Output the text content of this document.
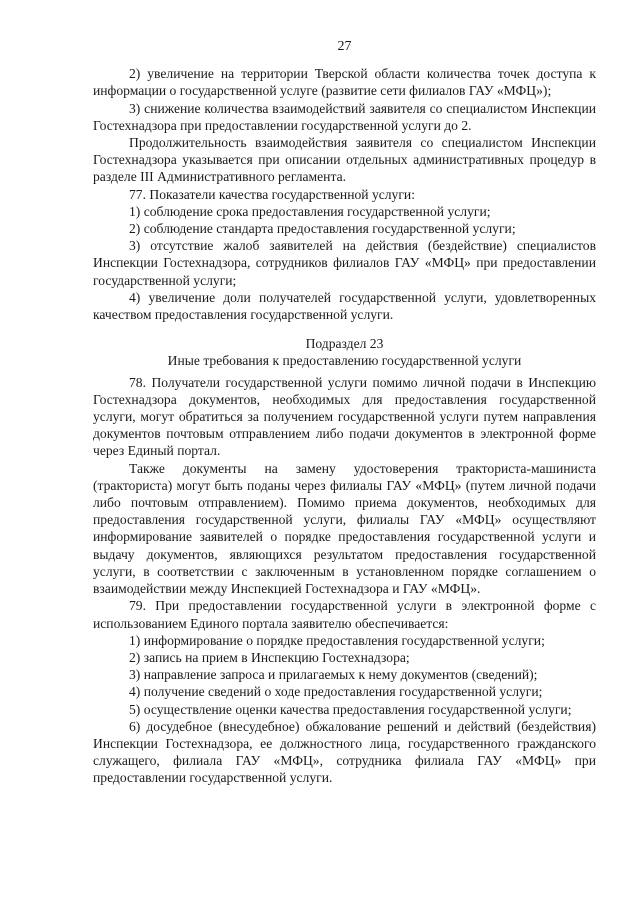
27

2) увеличение на территории Тверской области количества точек доступа к информации о государственной услуге (развитие сети филиалов ГАУ «МФЦ»);

3) снижение количества взаимодействий заявителя со специалистом Инспекции Гостехнадзора при предоставлении государственной услуги до 2.

Продолжительность взаимодействия заявителя со специалистом Инспекции Гостехнадзора указывается при описании отдельных административных процедур в разделе III Административного регламента.

77. Показатели качества государственной услуги:

1) соблюдение срока предоставления государственной услуги;

2) соблюдение стандарта предоставления государственной услуги;

3) отсутствие жалоб заявителей на действия (бездействие) специалистов Инспекции Гостехнадзора, сотрудников филиалов ГАУ «МФЦ» при предоставлении государственной услуги;

4) увеличение доли получателей государственной услуги, удовлетворенных качеством предоставления государственной услуги.

Подраздел 23

Иные требования к предоставлению государственной услуги

78. Получатели государственной услуги помимо личной подачи в Инспекцию Гостехнадзора документов, необходимых для предоставления государственной услуги, могут обратиться за получением государственной услуги путем направления документов почтовым отправлением либо подачи документов в электронной форме через Единый портал.

Также документы на замену удостоверения тракториста-машиниста (тракториста) могут быть поданы через филиалы ГАУ «МФЦ» (путем личной подачи либо почтовым отправлением). Помимо приема документов, необходимых для предоставления государственной услуги, филиалы ГАУ «МФЦ» осуществляют информирование заявителей о порядке предоставления государственной услуги и выдачу документов, являющихся результатом предоставления государственной услуги, в соответствии с заключенным в установленном порядке соглашением о взаимодействии между Инспекцией Гостехнадзора и ГАУ «МФЦ».

79. При предоставлении государственной услуги в электронной форме с использованием Единого портала заявителю обеспечивается:

1) информирование о порядке предоставления государственной услуги;

2) запись на прием в Инспекцию Гостехнадзора;

3) направление запроса и прилагаемых к нему документов (сведений);

4) получение сведений о ходе предоставления государственной услуги;

5) осуществление оценки качества предоставления государственной услуги;

6) досудебное (внесудебное) обжалование решений и действий (бездействия) Инспекции Гостехнадзора, ее должностного лица, государственного гражданского служащего, филиала ГАУ «МФЦ», сотрудника филиала ГАУ «МФЦ» при предоставлении государственной услуги.
